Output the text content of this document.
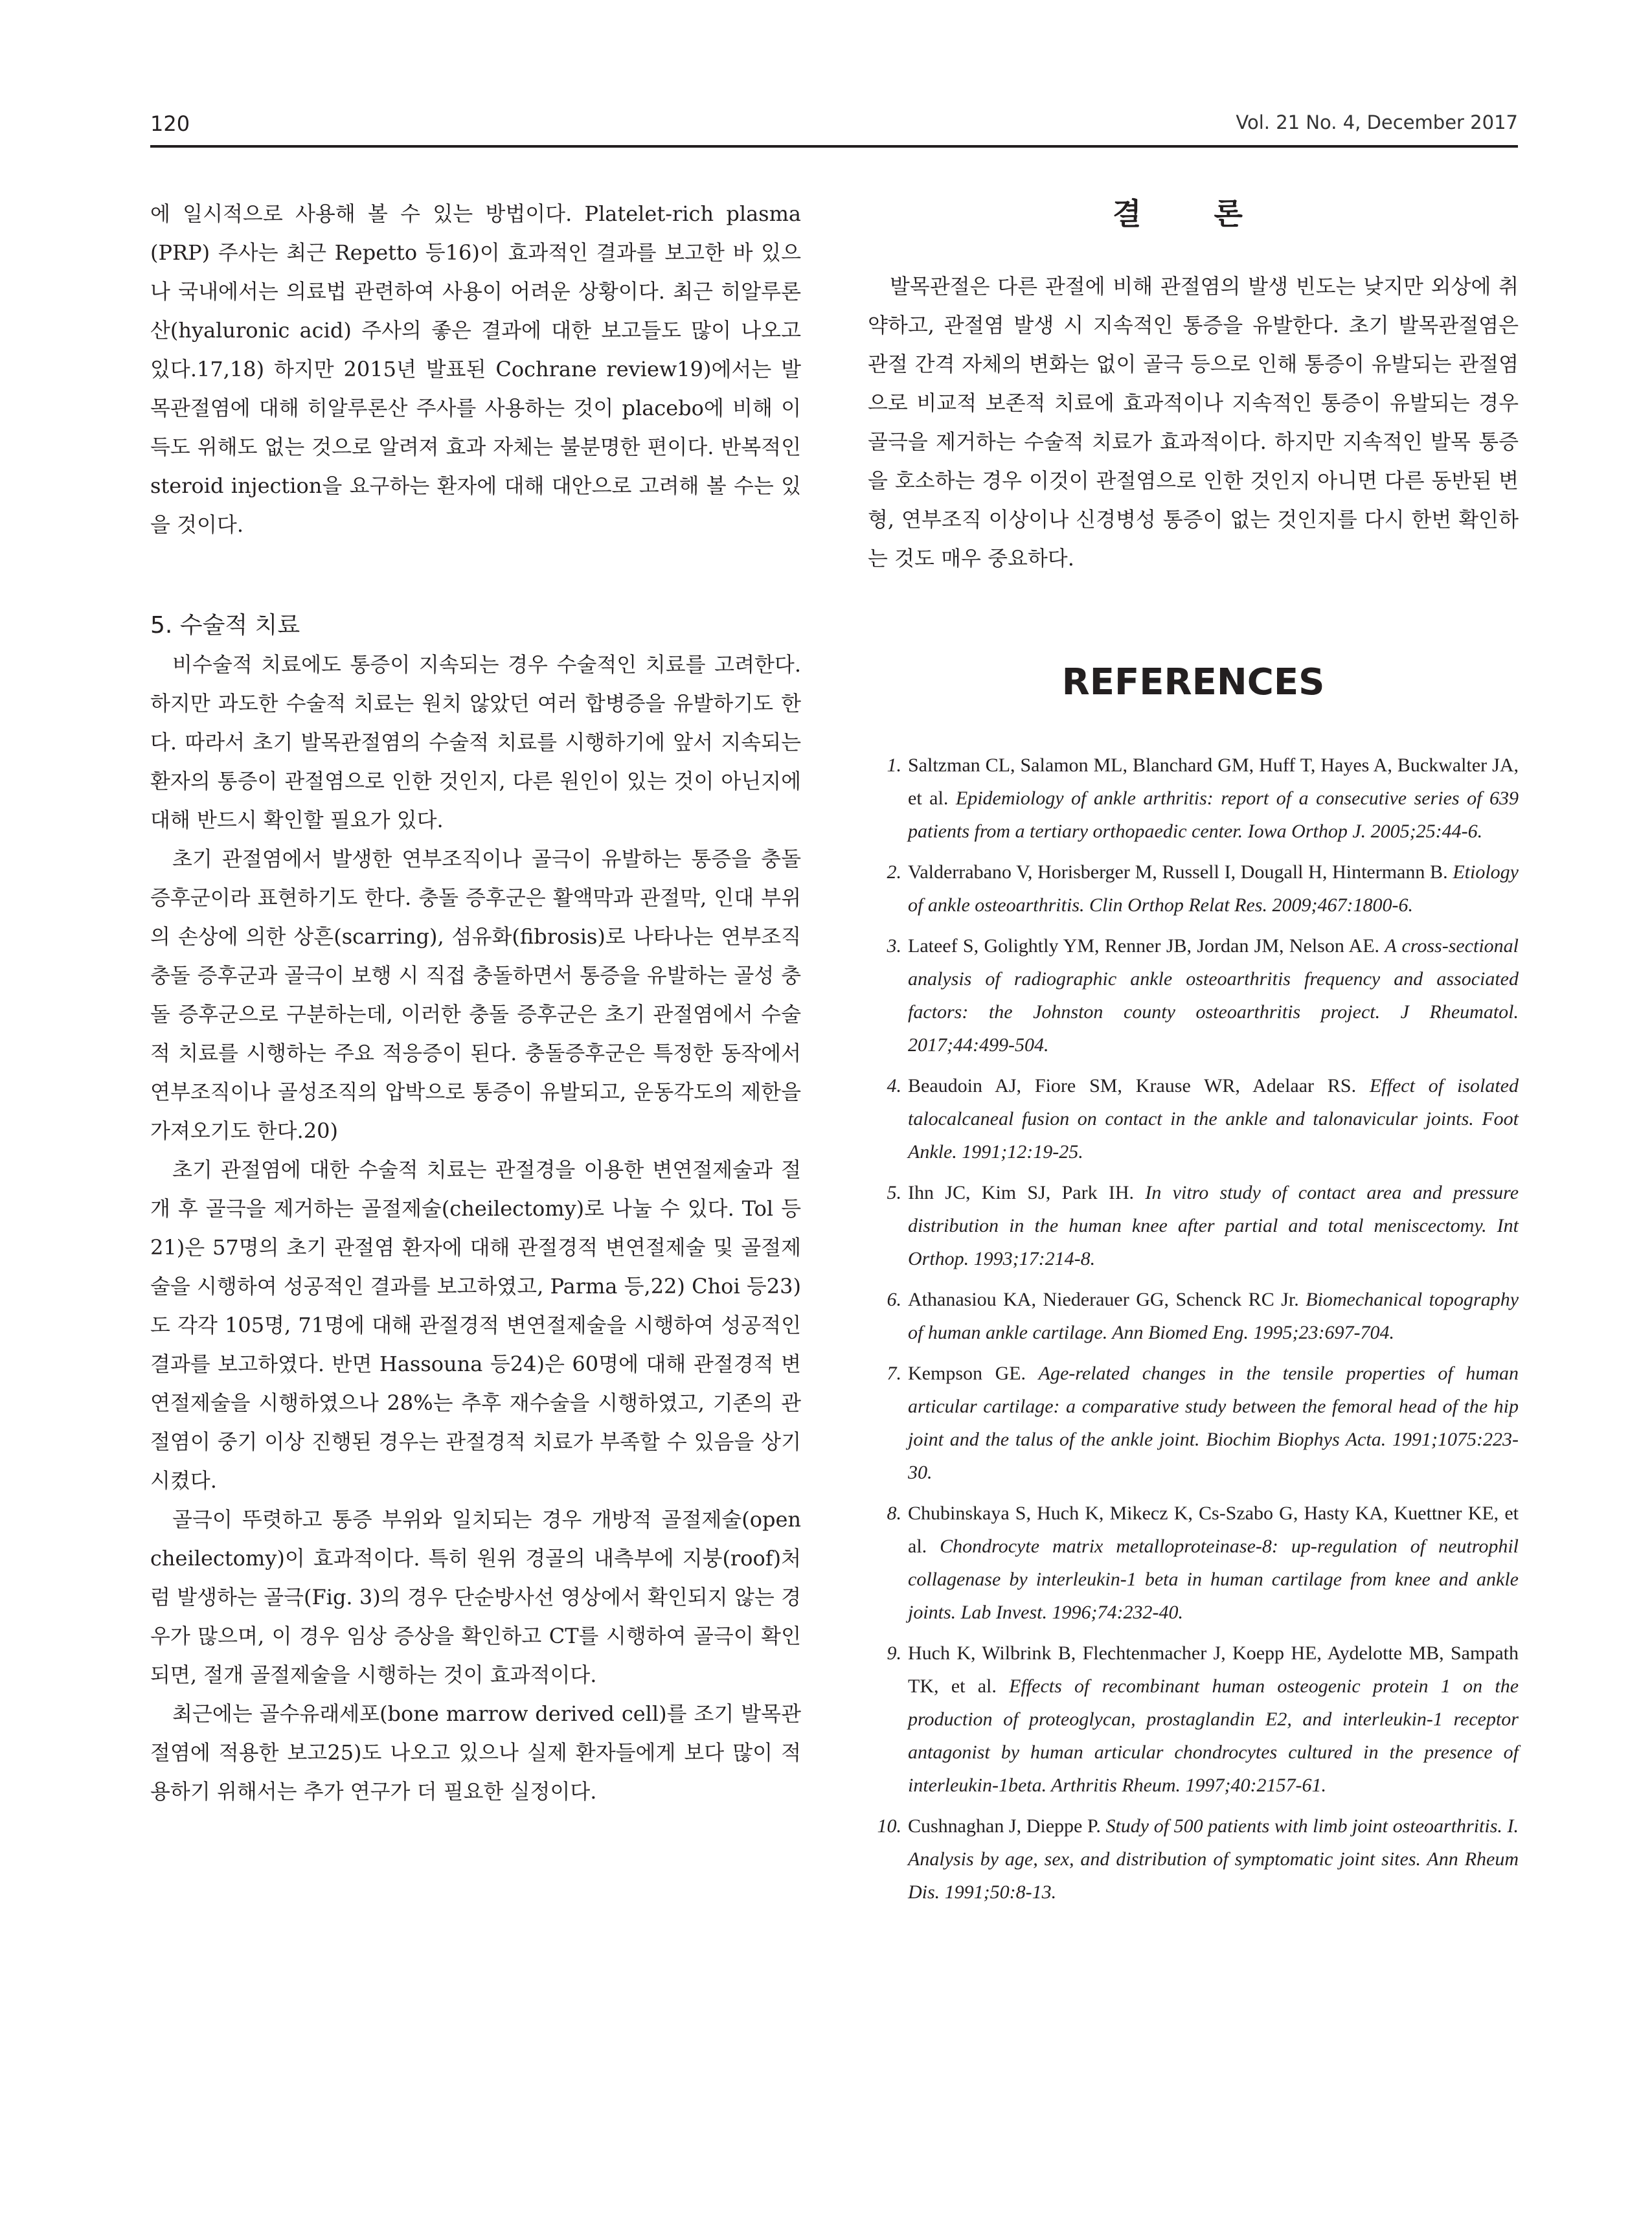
120	Vol. 21 No. 4, December 2017

에 일시적으로 사용해 볼 수 있는 방법이다. Platelet-rich plasma (PRP) 주사는 최근 Repetto 등16)이 효과적인 결과를 보고한 바 있으나 국내에서는 의료법 관련하여 사용이 어려운 상황이다. 최근 히알루론산(hyaluronic acid) 주사의 좋은 결과에 대한 보고들도 많이 나오고 있다.17,18) 하지만 2015년 발표된 Cochrane review19)에서는 발목관절염에 대해 히알루론산 주사를 사용하는 것이 placebo에 비해 이득도 위해도 없는 것으로 알려져 효과 자체는 불분명한 편이다. 반복적인 steroid injection을 요구하는 환자에 대해 대안으로 고려해 볼 수는 있을 것이다.

5. 수술적 치료

비수술적 치료에도 통증이 지속되는 경우 수술적인 치료를 고려한다. 하지만 과도한 수술적 치료는 원치 않았던 여러 합병증을 유발하기도 한다. 따라서 초기 발목관절염의 수술적 치료를 시행하기에 앞서 지속되는 환자의 통증이 관절염으로 인한 것인지, 다른 원인이 있는 것이 아닌지에 대해 반드시 확인할 필요가 있다.

초기 관절염에서 발생한 연부조직이나 골극이 유발하는 통증을 충돌 증후군이라 표현하기도 한다. 충돌 증후군은 활액막과 관절막, 인대 부위의 손상에 의한 상흔(scarring), 섬유화(fibrosis)로 나타나는 연부조직 충돌 증후군과 골극이 보행 시 직접 충돌하면서 통증을 유발하는 골성 충돌 증후군으로 구분하는데, 이러한 충돌 증후군은 초기 관절염에서 수술적 치료를 시행하는 주요 적응증이 된다. 충돌증후군은 특정한 동작에서 연부조직이나 골성조직의 압박으로 통증이 유발되고, 운동각도의 제한을 가져오기도 한다.20)

초기 관절염에 대한 수술적 치료는 관절경을 이용한 변연절제술과 절개 후 골극을 제거하는 골절제술(cheilectomy)로 나눌 수 있다. Tol 등21)은 57명의 초기 관절염 환자에 대해 관절경적 변연절제술 및 골절제술을 시행하여 성공적인 결과를 보고하였고, Parma 등,22) Choi 등23)도 각각 105명, 71명에 대해 관절경적 변연절제술을 시행하여 성공적인 결과를 보고하였다. 반면 Hassouna 등24)은 60명에 대해 관절경적 변연절제술을 시행하였으나 28%는 추후 재수술을 시행하였고, 기존의 관절염이 중기 이상 진행된 경우는 관절경적 치료가 부족할 수 있음을 상기시켰다.

골극이 뚜렷하고 통증 부위와 일치되는 경우 개방적 골절제술(open cheilectomy)이 효과적이다. 특히 원위 경골의 내측부에 지붕(roof)처럼 발생하는 골극(Fig. 3)의 경우 단순방사선 영상에서 확인되지 않는 경우가 많으며, 이 경우 임상 증상을 확인하고 CT를 시행하여 골극이 확인되면, 절개 골절제술을 시행하는 것이 효과적이다.

최근에는 골수유래세포(bone marrow derived cell)를 조기 발목관절염에 적용한 보고25)도 나오고 있으나 실제 환자들에게 보다 많이 적용하기 위해서는 추가 연구가 더 필요한 실정이다.

결 론

발목관절은 다른 관절에 비해 관절염의 발생 빈도는 낮지만 외상에 취약하고, 관절염 발생 시 지속적인 통증을 유발한다. 초기 발목관절염은 관절 간격 자체의 변화는 없이 골극 등으로 인해 통증이 유발되는 관절염으로 비교적 보존적 치료에 효과적이나 지속적인 통증이 유발되는 경우 골극을 제거하는 수술적 치료가 효과적이다. 하지만 지속적인 발목 통증을 호소하는 경우 이것이 관절염으로 인한 것인지 아니면 다른 동반된 변형, 연부조직 이상이나 신경병성 통증이 없는 것인지를 다시 한번 확인하는 것도 매우 중요하다.

REFERENCES
1. Saltzman CL, Salamon ML, Blanchard GM, Huff T, Hayes A, Buckwalter JA, et al. Epidemiology of ankle arthritis: report of a consecutive series of 639 patients from a tertiary orthopaedic center. Iowa Orthop J. 2005;25:44-6.
2. Valderrabano V, Horisberger M, Russell I, Dougall H, Hintermann B. Etiology of ankle osteoarthritis. Clin Orthop Relat Res. 2009;467:1800-6.
3. Lateef S, Golightly YM, Renner JB, Jordan JM, Nelson AE. A cross-sectional analysis of radiographic ankle osteoarthritis frequency and associated factors: the Johnston county osteoarthritis project. J Rheumatol. 2017;44:499-504.
4. Beaudoin AJ, Fiore SM, Krause WR, Adelaar RS. Effect of isolated talocalcaneal fusion on contact in the ankle and talonavicular joints. Foot Ankle. 1991;12:19-25.
5. Ihn JC, Kim SJ, Park IH. In vitro study of contact area and pressure distribution in the human knee after partial and total meniscectomy. Int Orthop. 1993;17:214-8.
6. Athanasiou KA, Niederauer GG, Schenck RC Jr. Biomechanical topography of human ankle cartilage. Ann Biomed Eng. 1995;23:697-704.
7. Kempson GE. Age-related changes in the tensile properties of human articular cartilage: a comparative study between the femoral head of the hip joint and the talus of the ankle joint. Biochim Biophys Acta. 1991;1075:223-30.
8. Chubinskaya S, Huch K, Mikecz K, Cs-Szabo G, Hasty KA, Kuettner KE, et al. Chondrocyte matrix metalloproteinase-8: up-regulation of neutrophil collagenase by interleukin-1 beta in human cartilage from knee and ankle joints. Lab Invest. 1996;74:232-40.
9. Huch K, Wilbrink B, Flechtenmacher J, Koepp HE, Aydelotte MB, Sampath TK, et al. Effects of recombinant human osteogenic protein 1 on the production of proteoglycan, prostaglandin E2, and interleukin-1 receptor antagonist by human articular chondrocytes cultured in the presence of interleukin-1beta. Arthritis Rheum. 1997;40:2157-61.
10. Cushnaghan J, Dieppe P. Study of 500 patients with limb joint osteoarthritis. I. Analysis by age, sex, and distribution of symptomatic joint sites. Ann Rheum Dis. 1991;50:8-13.
